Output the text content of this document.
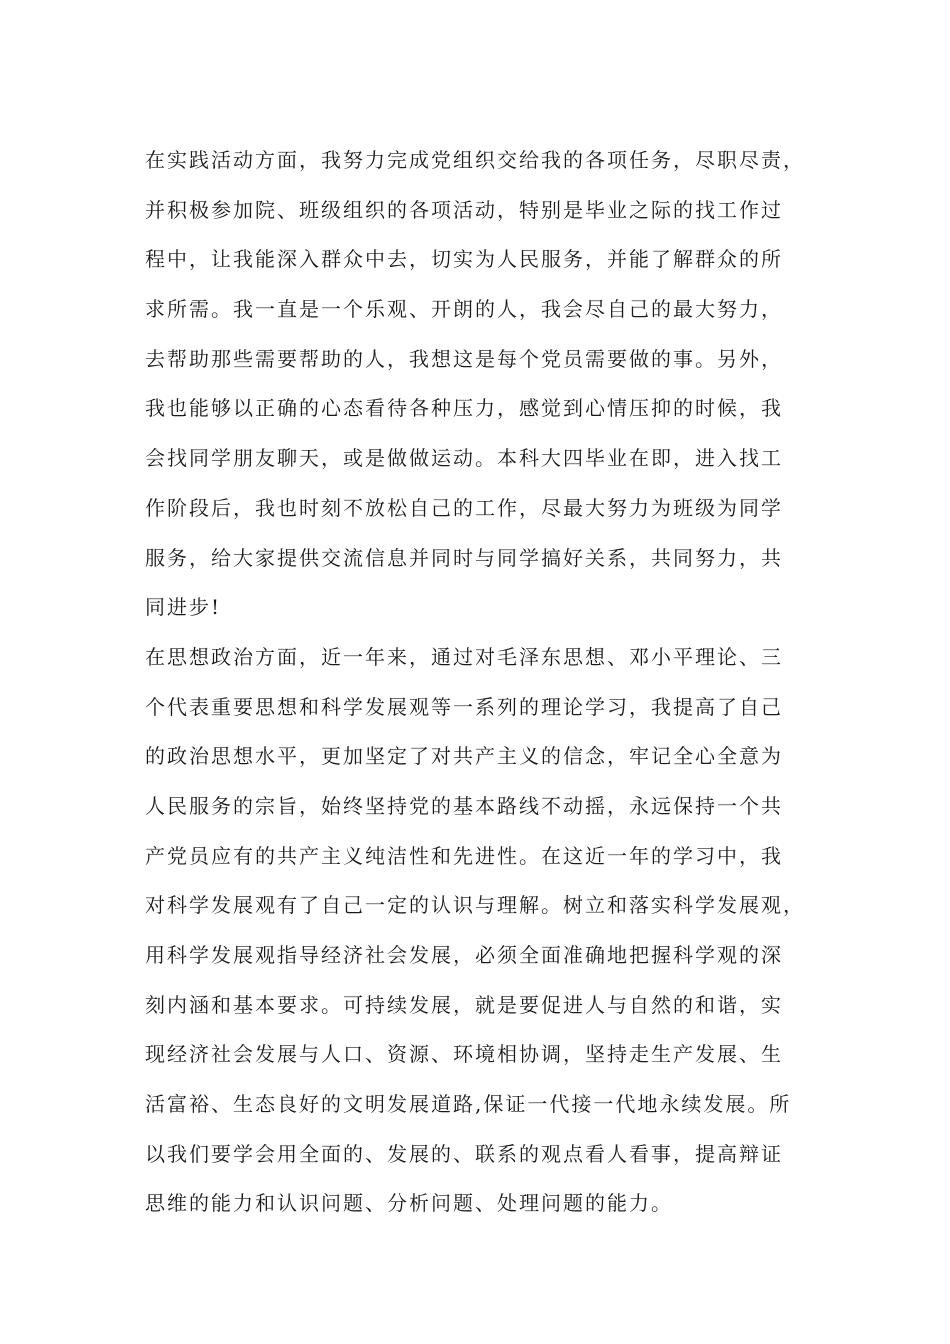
在实践活动方面，我努力完成党组织交给我的各项任务，尽职尽责，
并积极参加院、班级组织的各项活动，特别是毕业之际的找工作过
程中，让我能深入群众中去，切实为人民服务，并能了解群众的所
求所需。我一直是一个乐观、开朗的人，我会尽自己的最大努力，
去帮助那些需要帮助的人，我想这是每个党员需要做的事。另外，
我也能够以正确的心态看待各种压力，感觉到心情压抑的时候，我
会找同学朋友聊天，或是做做运动。本科大四毕业在即，进入找工
作阶段后，我也时刻不放松自己的工作，尽最大努力为班级为同学
服务，给大家提供交流信息并同时与同学搞好关系，共同努力，共
同进步!
在思想政治方面，近一年来，通过对毛泽东思想、邓小平理论、三
个代表重要思想和科学发展观等一系列的理论学习，我提高了自己
的政治思想水平，更加坚定了对共产主义的信念，牢记全心全意为
人民服务的宗旨，始终坚持党的基本路线不动摇，永远保持一个共
产党员应有的共产主义纯洁性和先进性。在这近一年的学习中，我
对科学发展观有了自己一定的认识与理解。树立和落实科学发展观，
用科学发展观指导经济社会发展，必须全面准确地把握科学观的深
刻内涵和基本要求。可持续发展，就是要促进人与自然的和谐，实
现经济社会发展与人口、资源、环境相协调，坚持走生产发展、生
活富裕、生态良好的文明发展道路,保证一代接一代地永续发展。所
以我们要学会用全面的、发展的、联系的观点看人看事，提高辩证
思维的能力和认识问题、分析问题、处理问题的能力。
